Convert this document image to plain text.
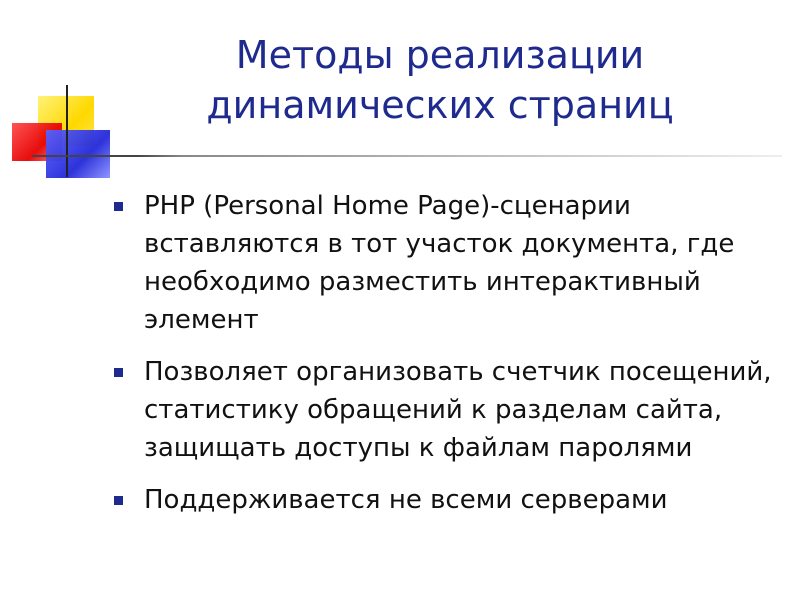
Методы реализации
динамических страниц
PHP (Personal Home Page)-сценарии вставляются в тот участок документа, где необходимо разместить интерактивный элемент
Позволяет организовать счетчик посещений, статистику обращений к разделам сайта, защищать доступы к файлам паролями
Поддерживается не всеми серверами
